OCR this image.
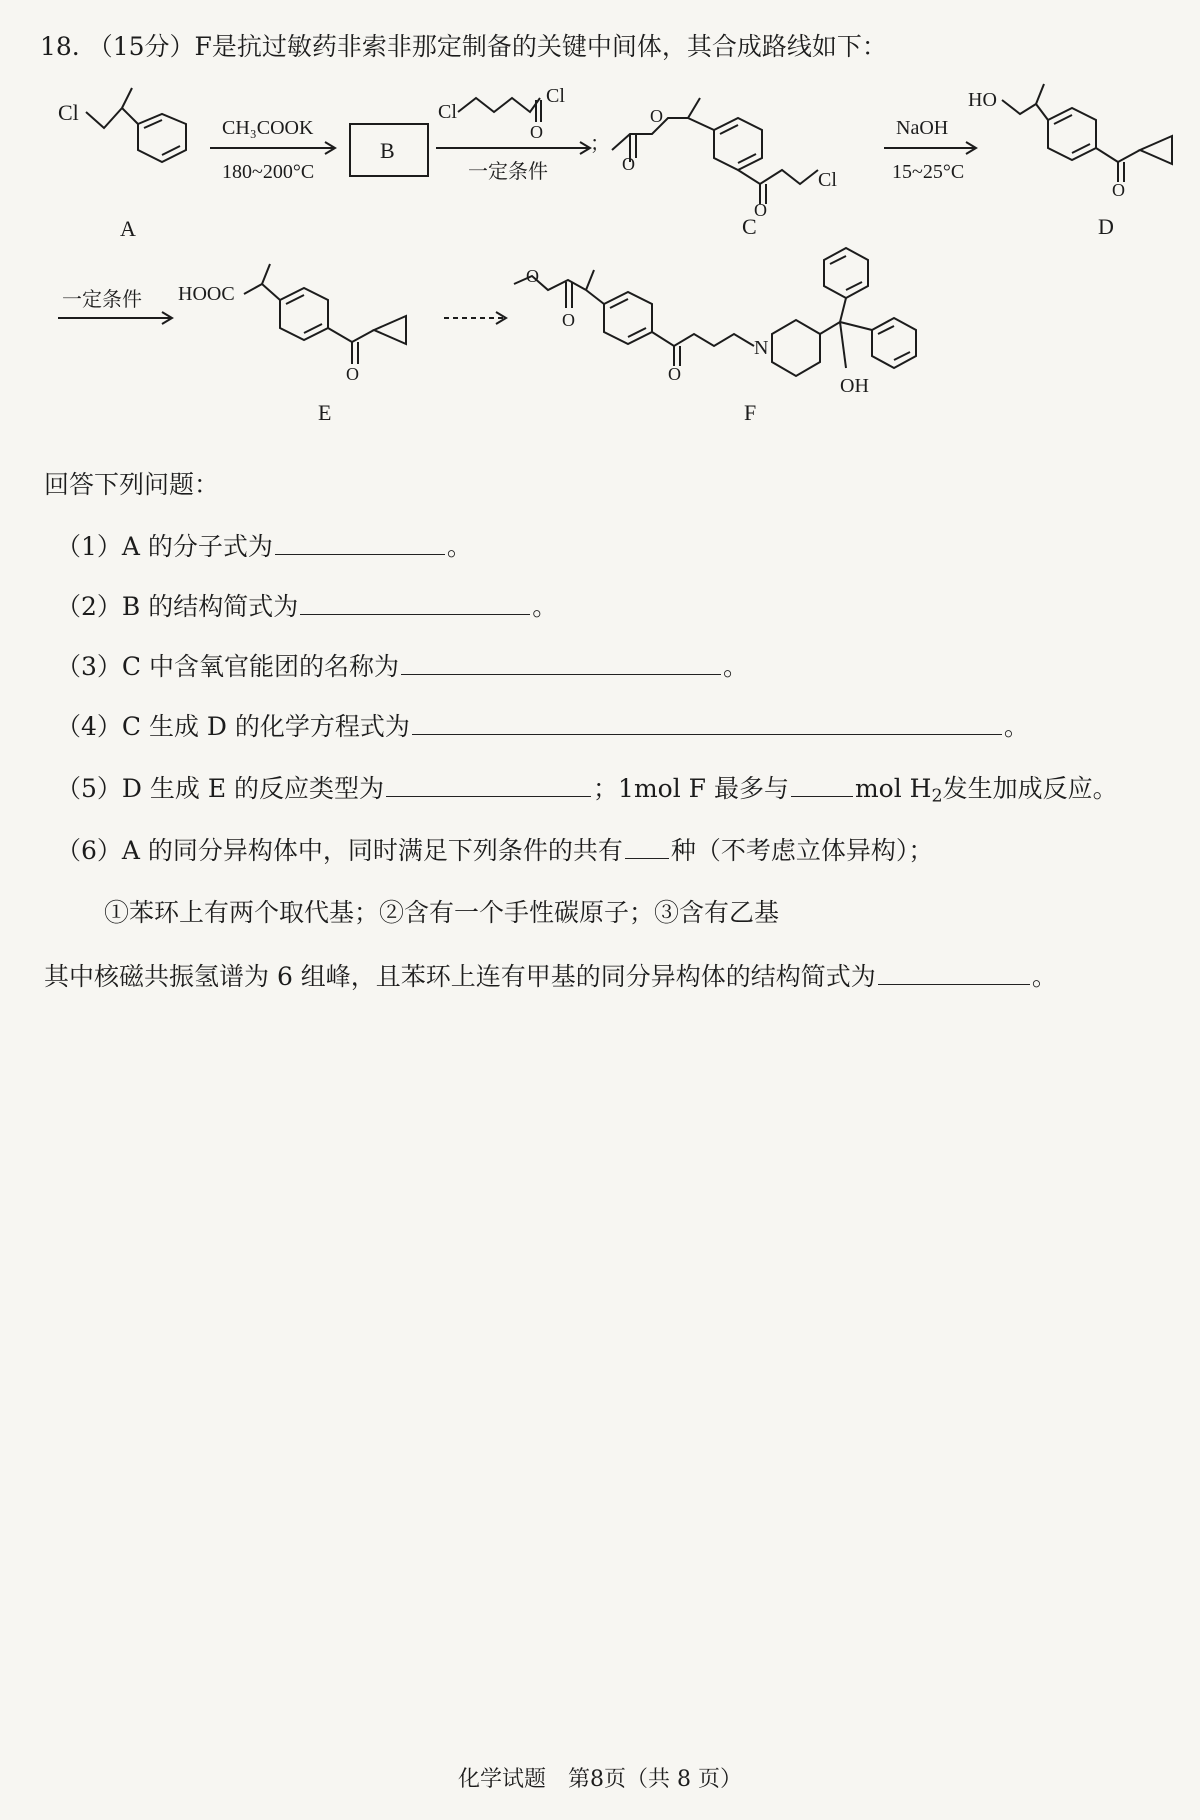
18. （15分）F是抗过敏药非索非那定制备的关键中间体，其合成路线如下：
Cl
A
CH₃COOK
180~200°C
B
Cl
Cl
O
一定条件
；
O
O
O
Cl
C
NaOH
15~25°C
HO
O
D
一定条件 HOOC
O
E
O
O
O
N
OH
F
回答下列问题：
（1）A 的分子式为	。
（2）B 的结构简式为	。
（3）C 中含氧官能团的名称为	。
（4）C 生成 D 的化学方程式为	。
（5）D 生成 E 的反应类型为	；1mol F 最多与	mol $H_2$发生加成反应。
（6）A 的同分异构体中，同时满足下列条件的共有 种（不考虑立体异构）；
①苯环上有两个取代基；②含有一个手性碳原子；③含有乙基
其中核磁共振氢谱为 6 组峰，且苯环上连有甲基的同分异构体的结构简式为	。
化学试题　第8页（共 8 页）
